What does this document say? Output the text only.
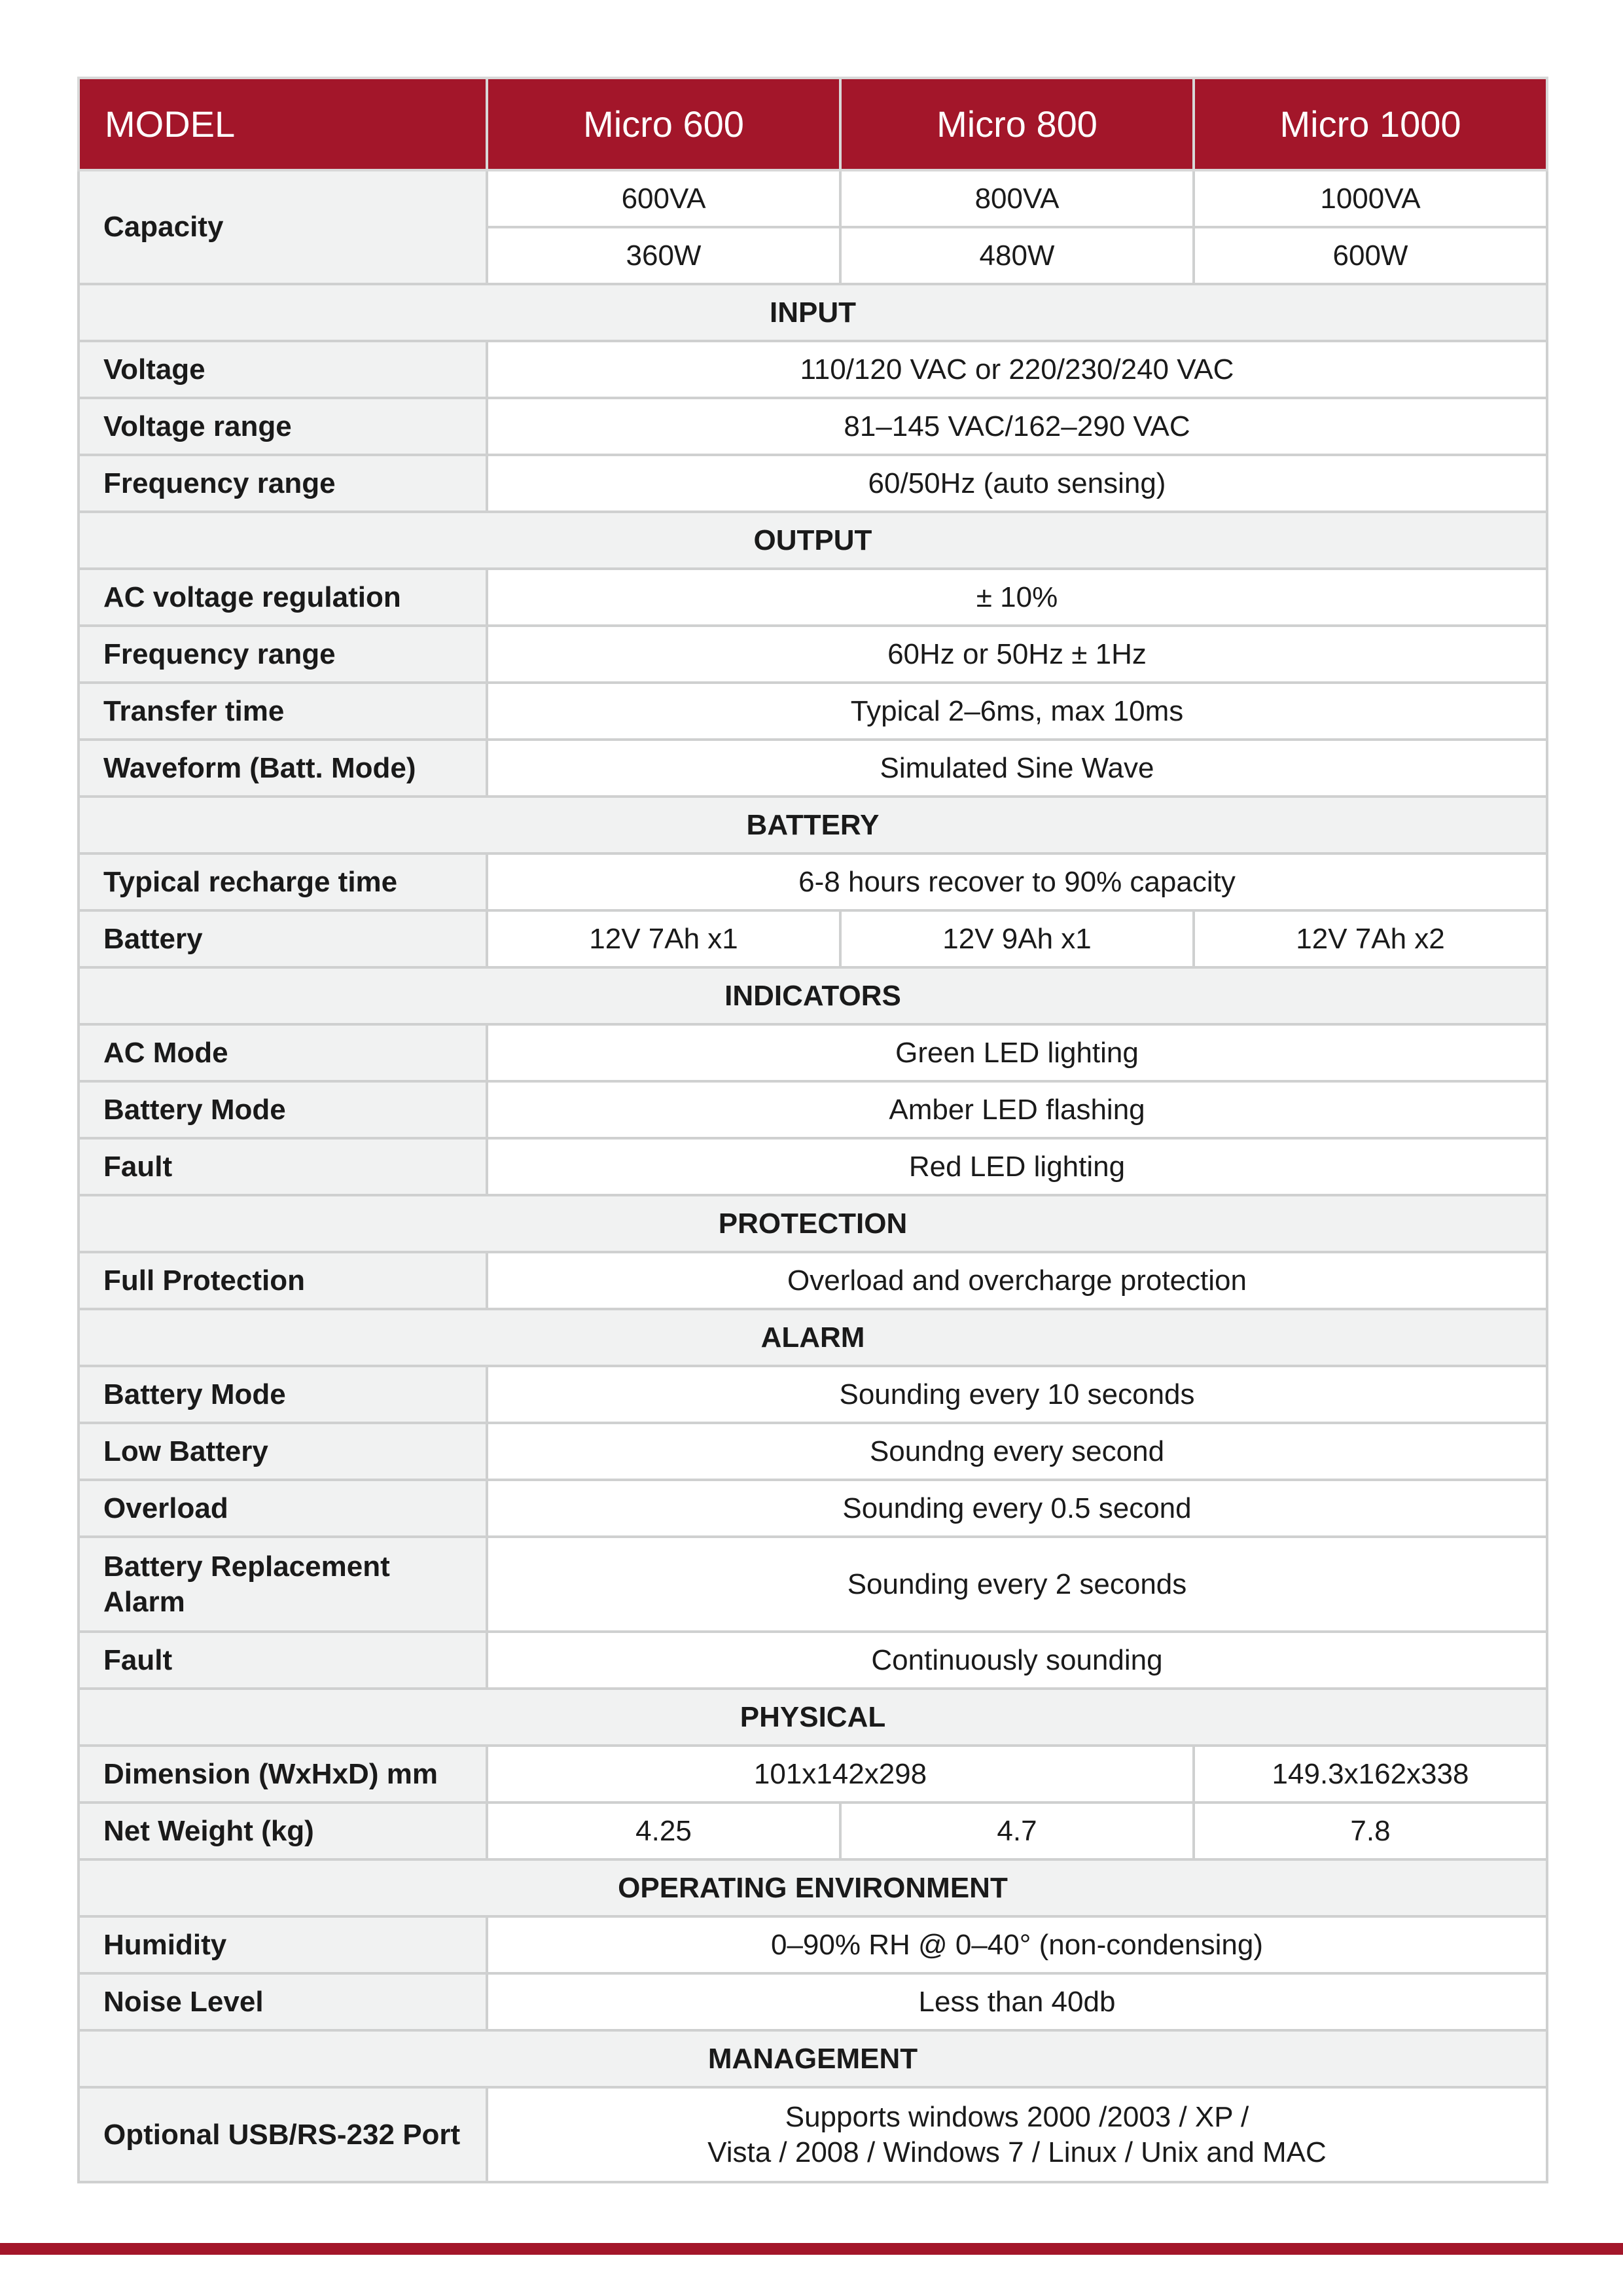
MODEL	Micro 600	Micro 800	Micro 1000
Capacity	600VA	800VA	1000VA
	360W	480W	600W
INPUT			
Voltage	110/120 VAC or 220/230/240 VAC		
Voltage range	81–145 VAC/162–290 VAC		
Frequency range	60/50Hz (auto sensing)		
OUTPUT			
AC voltage regulation	± 10%		
Frequency range	60Hz or 50Hz ± 1Hz		
Transfer time	Typical 2–6ms, max 10ms		
Waveform (Batt. Mode)	Simulated Sine Wave		
BATTERY			
Typical recharge time	6-8 hours recover to 90% capacity		
Battery	12V 7Ah x1	12V 9Ah x1	12V 7Ah x2
INDICATORS			
AC Mode	Green LED lighting		
Battery Mode	Amber LED flashing		
Fault	Red LED lighting		
PROTECTION			
Full Protection	Overload and overcharge protection		
ALARM			
Battery Mode	Sounding every 10 seconds		
Low Battery	Soundng every second		
Overload	Sounding every 0.5 second		
Battery Replacement
Alarm	Sounding every 2 seconds		
Fault	Continuously sounding		
PHYSICAL			
Dimension (WxHxD) mm	101x142x298		149.3x162x338
Net Weight (kg)	4.25	4.7	7.8
OPERATING ENVIRONMENT			
Humidity	0–90% RH @ 0–40° (non-condensing)		
Noise Level	Less than 40db		
MANAGEMENT			
Optional USB/RS-232 Port	Supports windows 2000 /2003 / XP /
Vista / 2008 / Windows 7 / Linux / Unix and MAC		
